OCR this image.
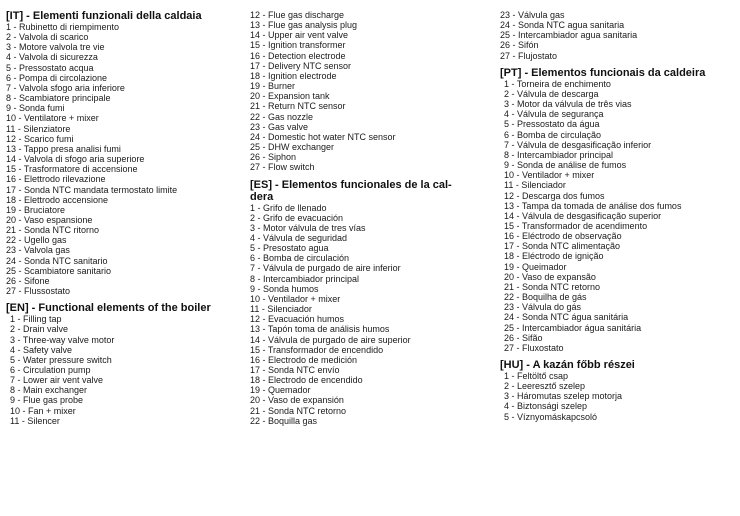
[IT] - Elementi funzionali della caldaia
1 - Rubinetto di riempimento
2 - Valvola di scarico
3 - Motore valvola tre vie
4 - Valvola di sicurezza
5 - Pressostato acqua
6 - Pompa di circolazione
7 - Valvola sfogo aria inferiore
8 - Scambiatore principale
9 - Sonda fumi
10 - Ventilatore + mixer
11 - Silenziatore
12 - Scarico fumi
13 - Tappo presa analisi fumi
14 - Valvola di sfogo aria superiore
15 - Trasformatore di accensione
16 - Elettrodo rilevazione
17 - Sonda NTC mandata termostato limite
18 - Elettrodo accensione
19 - Bruciatore
20 - Vaso espansione
21 - Sonda NTC ritorno
22 - Ugello gas
23 - Valvola gas
24 - Sonda NTC sanitario
25 - Scambiatore sanitario
26 - Sifone
27 - Flussostato
[EN] - Functional elements of the boiler
1 - Filling tap
2 - Drain valve
3 - Three-way valve motor
4 - Safety valve
5 - Water pressure switch
6 - Circulation pump
7 - Lower air vent valve
8 - Main exchanger
9 - Flue gas probe
10 - Fan + mixer
11 - Silencer
12 - Flue gas discharge
13 - Flue gas analysis plug
14 - Upper air vent valve
15 - Ignition transformer
16 - Detection electrode
17 - Delivery NTC sensor
18 - Ignition electrode
19 - Burner
20 - Expansion tank
21 - Return NTC sensor
22 - Gas nozzle
23 - Gas valve
24 - Domestic hot water NTC sensor
25 - DHW exchanger
26 - Siphon
27 - Flow switch
[ES] - Elementos funcionales de la cal-
dera
1 - Grifo de llenado
2 - Grifo de evacuación
3 - Motor válvula de tres vías
4 - Válvula de seguridad
5 - Presostato agua
6 - Bomba de circulación
7 - Válvula de purgado de aire inferior
8 - Intercambiador principal
9 - Sonda humos
10 - Ventilador + mixer
11 - Silenciador
12 - Evacuación humos
13 - Tapón toma de análisis humos
14 - Válvula de purgado de aire superior
15 - Transformador de encendido
16 - Electrodo de medición
17 - Sonda NTC envío
18 - Electrodo de encendido
19 - Quemador
20 - Vaso de expansión
21 - Sonda NTC retorno
22 - Boquilla gas
23 - Válvula gas
24 - Sonda NTC agua sanitaria
25 - Intercambiador agua sanitaria
26 - Sifón
27 - Flujostato
[PT] - Elementos funcionais da caldeira
1 - Torneira de enchimento
2 - Válvula de descarga
3 - Motor da válvula de três vias
4 - Válvula de segurança
5 - Pressostato da água
6 - Bomba de circulação
7 - Válvula de desgasificação inferior
8 - Intercambiador principal
9 - Sonda de análise de fumos
10 - Ventilador + mixer
11 - Silenciador
12 - Descarga dos fumos
13 - Tampa da tomada de análise dos fumos
14 - Válvula de desgasificação superior
15 - Transformador de acendimento
16 - Eléctrodo de observação
17 - Sonda NTC alimentação
18 - Eléctrodo de ignição
19 - Queimador
20 - Vaso de expansão
21 - Sonda NTC retorno
22 - Boquilha de gás
23 - Válvula do gás
24 - Sonda NTC água sanitária
25 - Intercambiador água sanitária
26 - Sifão
27 - Fluxostato
[HU] - A kazán főbb részei
1 - Feltöltő csap
2 - Leeresztő szelep
3 - Háromutas szelep motorja
4 - Biztonsági szelep
5 - Víznyomáskapcsoló
